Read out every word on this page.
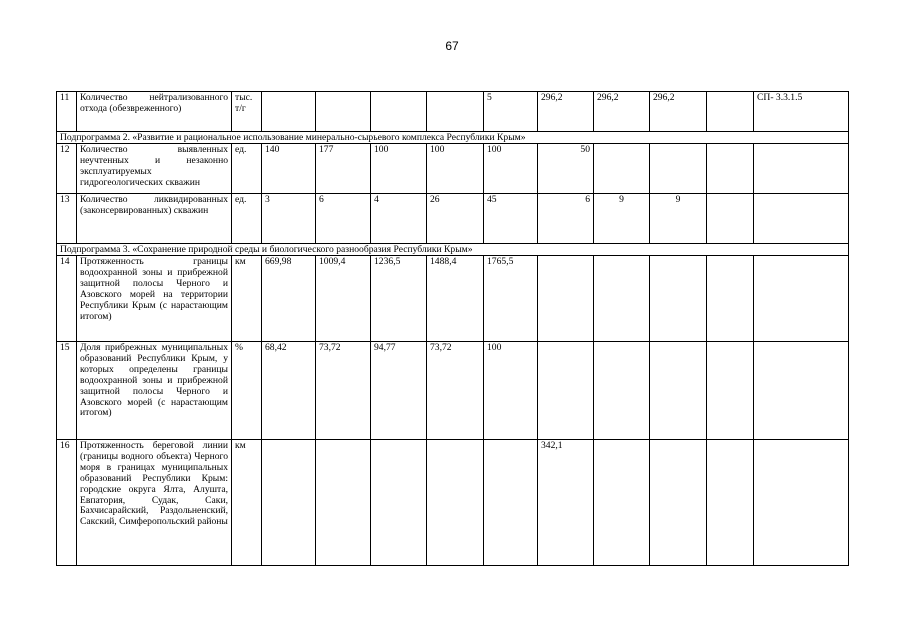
67
11	Количество нейтрализованного отхода (обезвреженного)	тыс. т/г					5	296,2	296,2	296,2		СП- 3.3.1.5	
Подпрограмма 2. «Развитие и рациональное использование минерально-сырьевого комплекса Республики Крым»													
12	Количество выявленных неучтенных и незаконно эксплуатируемых гидрогеологических скважин	ед.	140	177	100	100	100	50					
13	Количество ликвидированных (законсервированных) скважин	ед.	3	6	4	26	45	6	9	9			
Подпрограмма 3. «Сохранение природной среды и биологического разнообразия Республики Крым»													
14	Протяженность границы водоохранной зоны и прибрежной защитной полосы Черного и Азовского морей на территории Республики Крым (с нарастающим итогом)	км	669,98	1009,4	1236,5	1488,4	1765,5						
15	Доля прибрежных муниципальных образований Республики Крым, у которых определены границы водоохранной зоны и прибрежной защитной полосы Черного и Азовского морей (с нарастающим итогом)	%	68,42	73,72	94,77	73,72	100						
16	Протяженность береговой линии (границы водного объекта) Черного моря в границах муниципальных образований Республики Крым: городские округа Ялта, Алушта, Евпатория, Судак, Саки, Бахчисарайский, Раздольненский, Сакский, Симферопольский районы	км						342,1					
